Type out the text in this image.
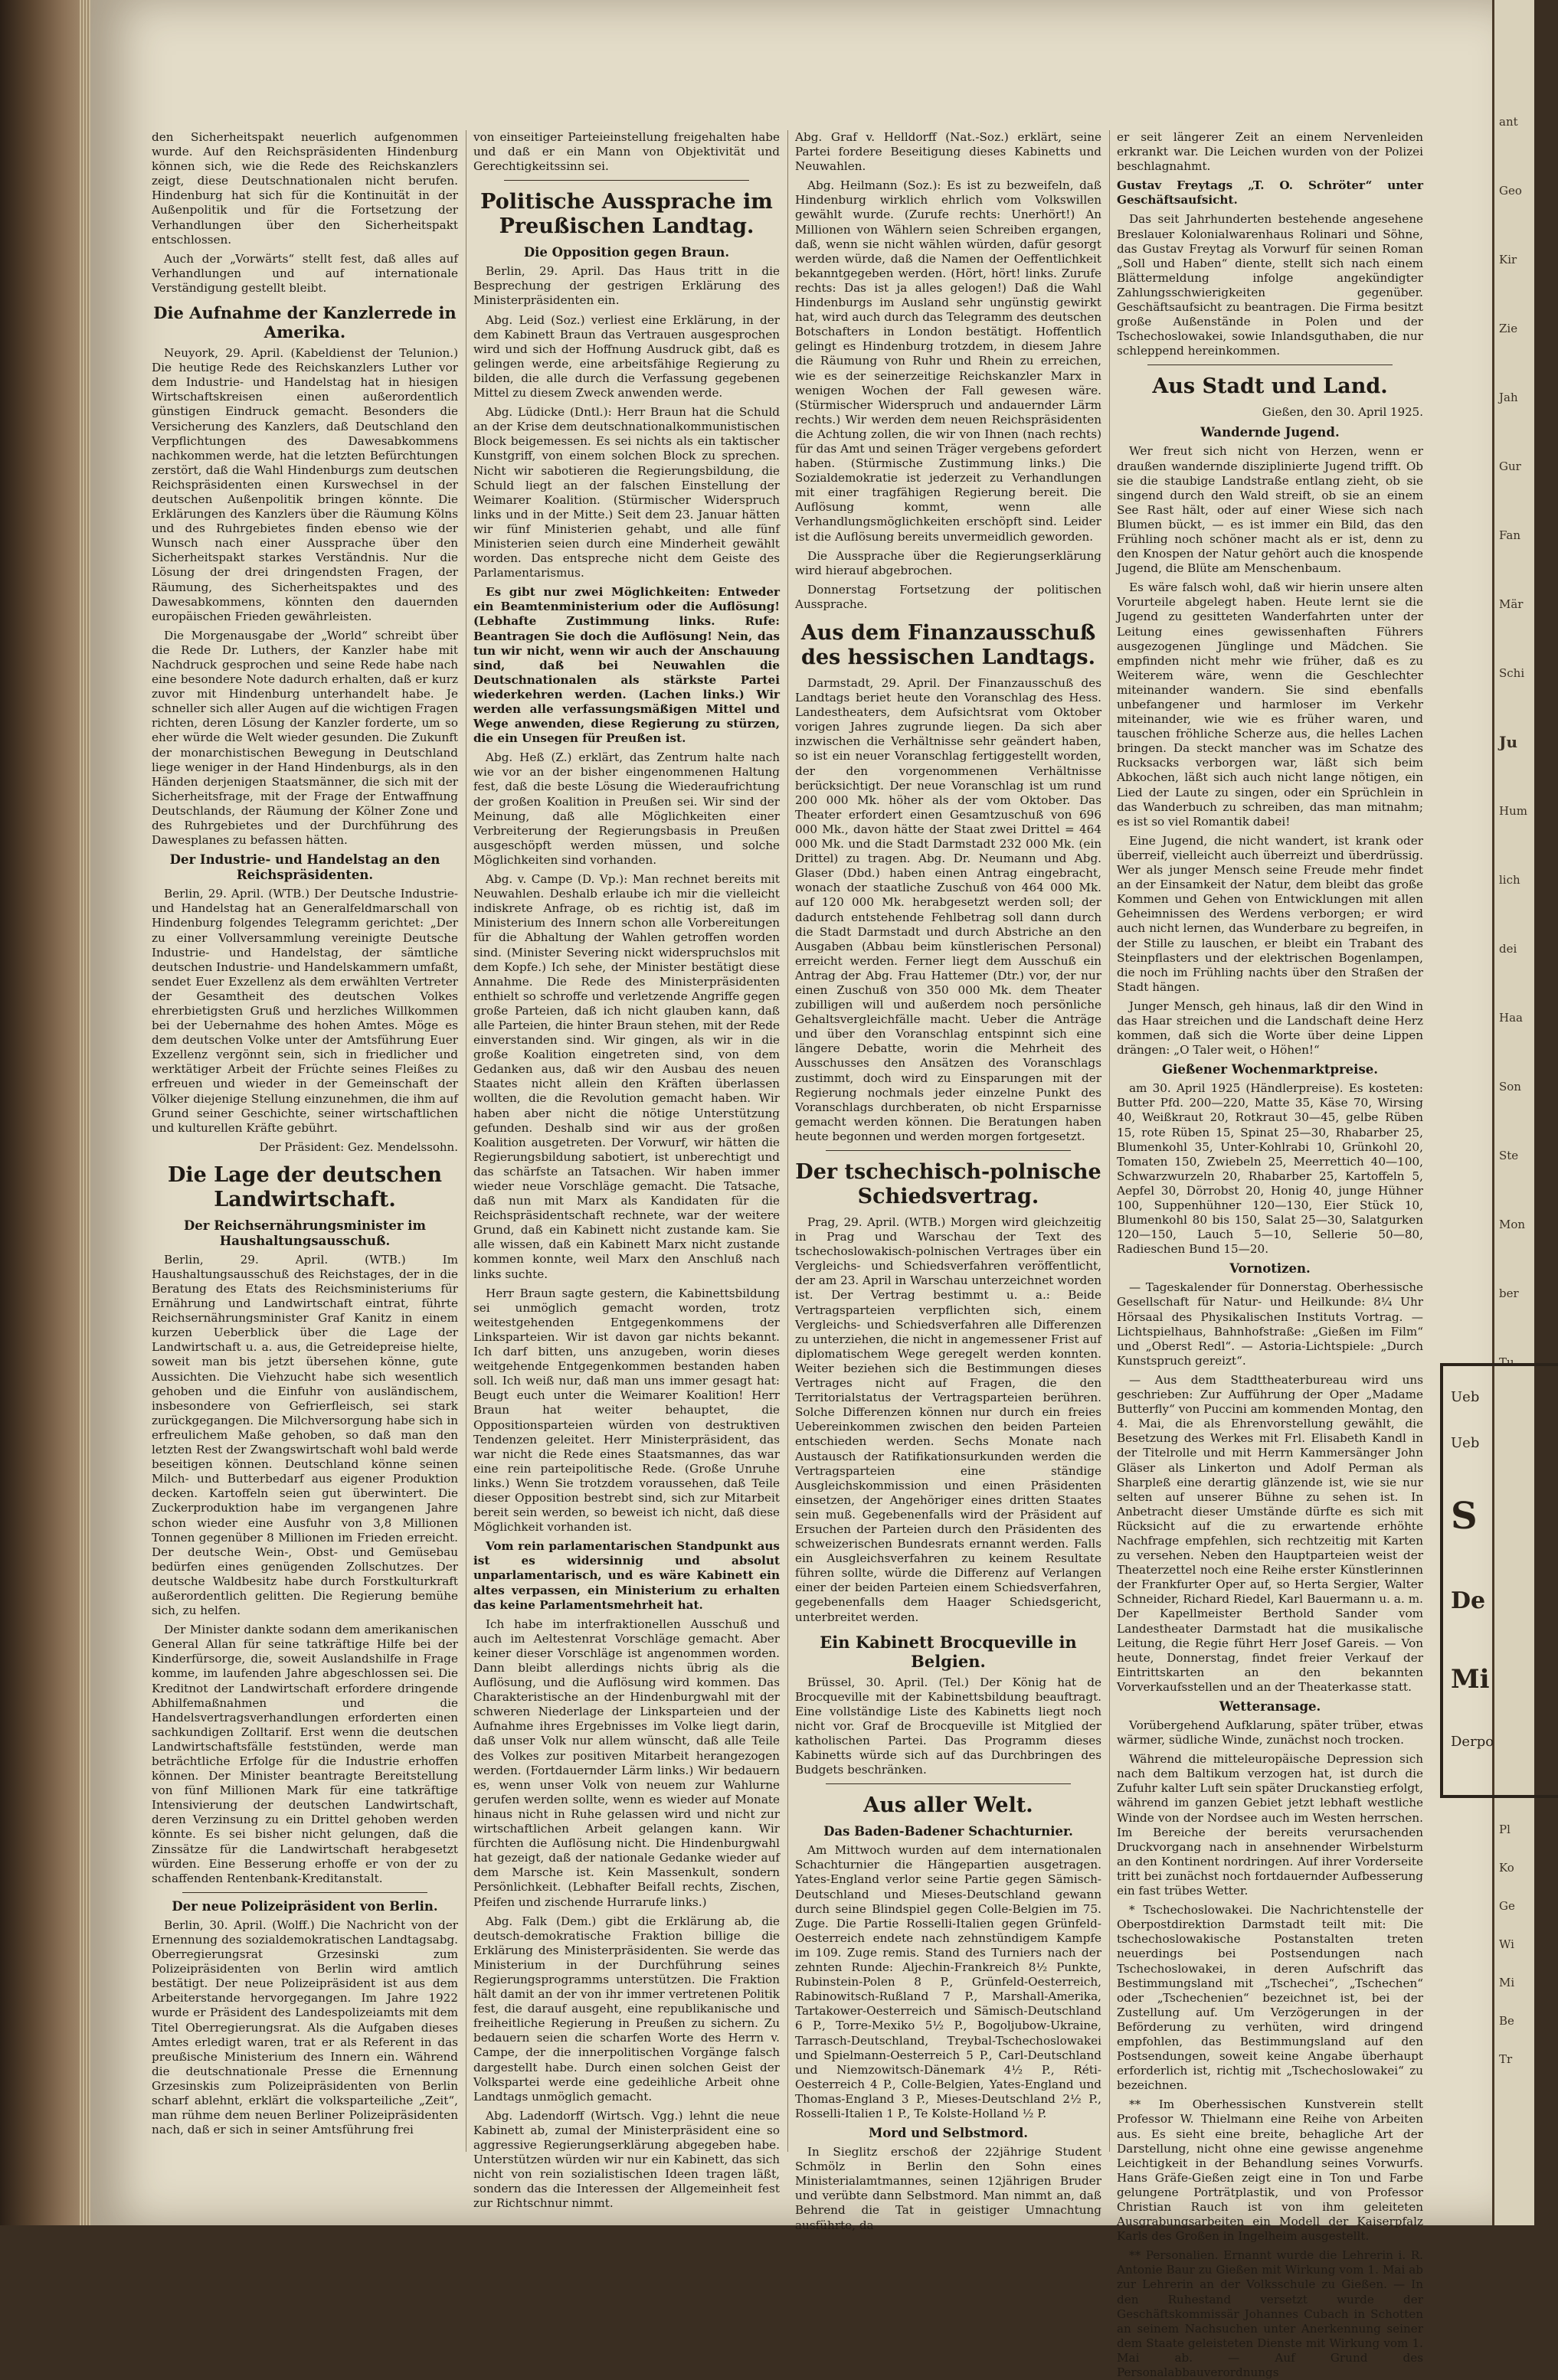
den Sicherheitspakt neuerlich aufgenommen wurde. Auf den Reichspräsidenten Hindenburg können sich, wie die Rede des Reichskanzlers zeigt, diese Deutschnationalen nicht berufen. Hindenburg hat sich für die Kontinuität in der Außenpolitik und für die Fortsetzung der Verhandlungen über den Sicherheitspakt entschlossen.

Auch der „Vorwärts“ stellt fest, daß alles auf Verhandlungen und auf internationale Verständigung gestellt bleibt.

Die Aufnahme der Kanzlerrede in Amerika.

Neuyork, 29. April. (Kabeldienst der Telunion.) Die heutige Rede des Reichskanzlers Luther vor dem Industrie- und Handelstag hat in hiesigen Wirtschaftskreisen einen außerordentlich günstigen Eindruck gemacht. Besonders die Versicherung des Kanzlers, daß Deutschland den Verpflichtungen des Dawesabkommens nachkommen werde, hat die letzten Befürchtungen zerstört, daß die Wahl Hindenburgs zum deutschen Reichspräsidenten einen Kurswechsel in der deutschen Außenpolitik bringen könnte. Die Erklärungen des Kanzlers über die Räumung Kölns und des Ruhrgebietes finden ebenso wie der Wunsch nach einer Aussprache über den Sicherheitspakt starkes Verständnis. Nur die Lösung der drei dringendsten Fragen, der Räumung, des Sicherheitspaktes und des Dawesabkommens, könnten den dauernden europäischen Frieden gewährleisten.

Die Morgenausgabe der „World“ schreibt über die Rede Dr. Luthers, der Kanzler habe mit Nachdruck gesprochen und seine Rede habe nach eine besondere Note dadurch erhalten, daß er kurz zuvor mit Hindenburg unterhandelt habe. Je schneller sich aller Augen auf die wichtigen Fragen richten, deren Lösung der Kanzler forderte, um so eher würde die Welt wieder gesunden. Die Zukunft der monarchistischen Bewegung in Deutschland liege weniger in der Hand Hindenburgs, als in den Händen derjenigen Staatsmänner, die sich mit der Sicherheitsfrage, mit der Frage der Entwaffnung Deutschlands, der Räumung der Kölner Zone und des Ruhrgebietes und der Durchführung des Dawesplanes zu befassen hätten.

Der Industrie- und Handelstag an den Reichspräsidenten.

Berlin, 29. April. (WTB.) Der Deutsche Industrie- und Handelstag hat an Generalfeldmarschall von Hindenburg folgendes Telegramm gerichtet: „Der zu einer Vollversammlung vereinigte Deutsche Industrie- und Handelstag, der sämtliche deutschen Industrie- und Handelskammern umfaßt, sendet Euer Exzellenz als dem erwählten Vertreter der Gesamtheit des deutschen Volkes ehrerbietigsten Gruß und herzliches Willkommen bei der Uebernahme des hohen Amtes. Möge es dem deutschen Volke unter der Amtsführung Euer Exzellenz vergönnt sein, sich in friedlicher und werktätiger Arbeit der Früchte seines Fleißes zu erfreuen und wieder in der Gemeinschaft der Völker diejenige Stellung einzunehmen, die ihm auf Grund seiner Geschichte, seiner wirtschaftlichen und kulturellen Kräfte gebührt.

Der Präsident: Gez. Mendelssohn.
Die Lage der deutschen Landwirtschaft.
Der Reichsernährungsminister im Haushaltungsausschuß.

Berlin, 29. April. (WTB.) Im Haushaltungsausschuß des Reichstages, der in die Beratung des Etats des Reichsministeriums für Ernährung und Landwirtschaft eintrat, führte Reichsernährungsminister Graf Kanitz in einem kurzen Ueberblick über die Lage der Landwirtschaft u. a. aus, die Getreidepreise hielte, soweit man bis jetzt übersehen könne, gute Aussichten. Die Viehzucht habe sich wesentlich gehoben und die Einfuhr von ausländischem, insbesondere von Gefrierfleisch, sei stark zurückgegangen. Die Milchversorgung habe sich in erfreulichem Maße gehoben, so daß man den letzten Rest der Zwangswirtschaft wohl bald werde beseitigen können. Deutschland könne seinen Milch- und Butterbedarf aus eigener Produktion decken. Kartoffeln seien gut überwintert. Die Zuckerproduktion habe im vergangenen Jahre schon wieder eine Ausfuhr von 3,8 Millionen Tonnen gegenüber 8 Millionen im Frieden erreicht. Der deutsche Wein-, Obst- und Gemüsebau bedürfen eines genügenden Zollschutzes. Der deutsche Waldbesitz habe durch Forstkulturkraft außerordentlich gelitten. Die Regierung bemühe sich, zu helfen.

Der Minister dankte sodann dem amerikanischen General Allan für seine tatkräftige Hilfe bei der Kinderfürsorge, die, soweit Auslandshilfe in Frage komme, im laufenden Jahre abgeschlossen sei. Die Kreditnot der Landwirtschaft erfordere dringende Abhilfemaßnahmen und die Handelsvertragsverhandlungen erforderten einen sachkundigen Zolltarif. Erst wenn die deutschen Landwirtschaftsfälle feststünden, werde man beträchtliche Erfolge für die Industrie erhoffen können. Der Minister beantragte Bereitstellung von fünf Millionen Mark für eine tatkräftige Intensivierung der deutschen Landwirtschaft, deren Verzinsung zu ein Drittel gehoben werden könnte. Es sei bisher nicht gelungen, daß die Zinssätze für die Landwirtschaft herabgesetzt würden. Eine Besserung erhoffe er von der zu schaffenden Rentenbank-Kreditanstalt.

Der neue Polizeipräsident von Berlin.

Berlin, 30. April. (Wolff.) Die Nachricht von der Ernennung des sozialdemokratischen Landtagsabg. Oberregierungsrat Grzesinski zum Polizeipräsidenten von Berlin wird amtlich bestätigt. Der neue Polizeipräsident ist aus dem Arbeiterstande hervorgegangen. Im Jahre 1922 wurde er Präsident des Landespolizeiamts mit dem Titel Oberregierungsrat. Als die Aufgaben dieses Amtes erledigt waren, trat er als Referent in das preußische Ministerium des Innern ein. Während die deutschnationale Presse die Ernennung Grzesinskis zum Polizeipräsidenten von Berlin scharf ablehnt, erklärt die volksparteiliche „Zeit“, man rühme dem neuen Berliner Polizeipräsidenten nach, daß er sich in seiner Amtsführung frei

von einseitiger Parteieinstellung freigehalten habe und daß er ein Mann von Objektivität und Gerechtigkeitssinn sei.

Politische Aussprache im Preußischen Landtag.
Die Opposition gegen Braun.

Berlin, 29. April. Das Haus tritt in die Besprechung der gestrigen Erklärung des Ministerpräsidenten ein.

Abg. Leid (Soz.) verliest eine Erklärung, in der dem Kabinett Braun das Vertrauen ausgesprochen wird und sich der Hoffnung Ausdruck gibt, daß es gelingen werde, eine arbeitsfähige Regierung zu bilden, die alle durch die Verfassung gegebenen Mittel zu diesem Zweck anwenden werde.

Abg. Lüdicke (Dntl.): Herr Braun hat die Schuld an der Krise dem deutschnationalkommunistischen Block beigemessen. Es sei nichts als ein taktischer Kunstgriff, von einem solchen Block zu sprechen. Nicht wir sabotieren die Regierungsbildung, die Schuld liegt an der falschen Einstellung der Weimarer Koalition. (Stürmischer Widerspruch links und in der Mitte.) Seit dem 23. Januar hätten wir fünf Ministerien gehabt, und alle fünf Ministerien seien durch eine Minderheit gewählt worden. Das entspreche nicht dem Geiste des Parlamentarismus.

Es gibt nur zwei Möglichkeiten: Entweder ein Beamtenministerium oder die Auflösung! (Lebhafte Zustimmung links. Rufe: Beantragen Sie doch die Auflösung! Nein, das tun wir nicht, wenn wir auch der Anschauung sind, daß bei Neuwahlen die Deutschnationalen als stärkste Partei wiederkehren werden. (Lachen links.) Wir werden alle verfassungsmäßigen Mittel und Wege anwenden, diese Regierung zu stürzen, die ein Unsegen für Preußen ist.

Abg. Heß (Z.) erklärt, das Zentrum halte nach wie vor an der bisher eingenommenen Haltung fest, daß die beste Lösung die Wiederaufrichtung der großen Koalition in Preußen sei. Wir sind der Meinung, daß alle Möglichkeiten einer Verbreiterung der Regierungsbasis in Preußen ausgeschöpft werden müssen, und solche Möglichkeiten sind vorhanden.

Abg. v. Campe (D. Vp.): Man rechnet bereits mit Neuwahlen. Deshalb erlaube ich mir die vielleicht indiskrete Anfrage, ob es richtig ist, daß im Ministerium des Innern schon alle Vorbereitungen für die Abhaltung der Wahlen getroffen worden sind. (Minister Severing nickt widerspruchslos mit dem Kopfe.) Ich sehe, der Minister bestätigt diese Annahme. Die Rede des Ministerpräsidenten enthielt so schroffe und verletzende Angriffe gegen große Parteien, daß ich nicht glauben kann, daß alle Parteien, die hinter Braun stehen, mit der Rede einverstanden sind. Wir gingen, als wir in die große Koalition eingetreten sind, von dem Gedanken aus, daß wir den Ausbau des neuen Staates nicht allein den Kräften überlassen wollten, die die Revolution gemacht haben. Wir haben aber nicht die nötige Unterstützung gefunden. Deshalb sind wir aus der großen Koalition ausgetreten. Der Vorwurf, wir hätten die Regierungsbildung sabotiert, ist unberechtigt und das schärfste an Tatsachen. Wir haben immer wieder neue Vorschläge gemacht. Die Tatsache, daß nun mit Marx als Kandidaten für die Reichspräsidentschaft rechnete, war der weitere Grund, daß ein Kabinett nicht zustande kam. Sie alle wissen, daß ein Kabinett Marx nicht zustande kommen konnte, weil Marx den Anschluß nach links suchte.

Herr Braun sagte gestern, die Kabinettsbildung sei unmöglich gemacht worden, trotz weitestgehenden Entgegenkommens der Linksparteien. Wir ist davon gar nichts bekannt. Ich darf bitten, uns anzugeben, worin dieses weitgehende Entgegenkommen bestanden haben soll. Ich weiß nur, daß man uns immer gesagt hat: Beugt euch unter die Weimarer Koalition! Herr Braun hat weiter behauptet, die Oppositionsparteien würden von destruktiven Tendenzen geleitet. Herr Ministerpräsident, das war nicht die Rede eines Staatsmannes, das war eine rein parteipolitische Rede. (Große Unruhe links.) Wenn Sie trotzdem voraussehen, daß Teile dieser Opposition bestrebt sind, sich zur Mitarbeit bereit sein werden, so beweist ich nicht, daß diese Möglichkeit vorhanden ist.

Vom rein parlamentarischen Standpunkt aus ist es widersinnig und absolut unparlamentarisch, und es wäre Kabinett ein altes verpassen, ein Ministerium zu erhalten das keine Parlamentsmehrheit hat.

Ich habe im interfraktionellen Ausschuß und auch im Aeltestenrat Vorschläge gemacht. Aber keiner dieser Vorschläge ist angenommen worden. Dann bleibt allerdings nichts übrig als die Auflösung, und die Auflösung wird kommen. Das Charakteristische an der Hindenburgwahl mit der schweren Niederlage der Linksparteien und der Aufnahme ihres Ergebnisses im Volke liegt darin, daß unser Volk nur allem wünscht, daß alle Teile des Volkes zur positiven Mitarbeit herangezogen werden. (Fortdauernder Lärm links.) Wir bedauern es, wenn unser Volk von neuem zur Wahlurne gerufen werden sollte, wenn es wieder auf Monate hinaus nicht in Ruhe gelassen wird und nicht zur wirtschaftlichen Arbeit gelangen kann. Wir fürchten die Auflösung nicht. Die Hindenburgwahl hat gezeigt, daß der nationale Gedanke wieder auf dem Marsche ist. Kein Massenkult, sondern Persönlichkeit. (Lebhafter Beifall rechts, Zischen, Pfeifen und zischende Hurrarufe links.)

Abg. Falk (Dem.) gibt die Erklärung ab, die deutsch-demokratische Fraktion billige die Erklärung des Ministerpräsidenten. Sie werde das Ministerium in der Durchführung seines Regierungsprogramms unterstützen. Die Fraktion hält damit an der von ihr immer vertretenen Politik fest, die darauf ausgeht, eine republikanische und freiheitliche Regierung in Preußen zu sichern. Zu bedauern seien die scharfen Worte des Herrn v. Campe, der die innerpolitischen Vorgänge falsch dargestellt habe. Durch einen solchen Geist der Volkspartei werde eine gedeihliche Arbeit ohne Landtags unmöglich gemacht.

Abg. Ladendorff (Wirtsch. Vgg.) lehnt die neue Kabinett ab, zumal der Ministerpräsident eine so aggressive Regierungserklärung abgegeben habe. Unterstützen würden wir nur ein Kabinett, das sich nicht von rein sozialistischen Ideen tragen läßt, sondern das die Interessen der Allgemeinheit fest zur Richtschnur nimmt.

Abg. Graf v. Helldorff (Nat.-Soz.) erklärt, seine Partei fordere Beseitigung dieses Kabinetts und Neuwahlen.

Abg. Heilmann (Soz.): Es ist zu bezweifeln, daß Hindenburg wirklich ehrlich vom Volkswillen gewählt wurde. (Zurufe rechts: Unerhört!) An Millionen von Wählern seien Schreiben ergangen, daß, wenn sie nicht wählen würden, dafür gesorgt werden würde, daß die Namen der Oeffentlichkeit bekanntgegeben werden. (Hört, hört! links. Zurufe rechts: Das ist ja alles gelogen!) Daß die Wahl Hindenburgs im Ausland sehr ungünstig gewirkt hat, wird auch durch das Telegramm des deutschen Botschafters in London bestätigt. Hoffentlich gelingt es Hindenburg trotzdem, in diesem Jahre die Räumung von Ruhr und Rhein zu erreichen, wie es der seinerzeitige Reichskanzler Marx in wenigen Wochen der Fall gewesen wäre. (Stürmischer Widerspruch und andauernder Lärm rechts.) Wir werden dem neuen Reichspräsidenten die Achtung zollen, die wir von Ihnen (nach rechts) für das Amt und seinen Träger vergebens gefordert haben. (Stürmische Zustimmung links.) Die Sozialdemokratie ist jederzeit zu Verhandlungen mit einer tragfähigen Regierung bereit. Die Auflösung kommt, wenn alle Verhandlungsmöglichkeiten erschöpft sind. Leider ist die Auflösung bereits unvermeidlich geworden.

Die Aussprache über die Regierungserklärung wird hierauf abgebrochen.

Donnerstag Fortsetzung der politischen Aussprache.

Aus dem Finanzausschuß des hessischen Landtags.

Darmstadt, 29. April. Der Finanzausschuß des Landtags beriet heute den Voranschlag des Hess. Landestheaters, dem Aufsichtsrat vom Oktober vorigen Jahres zugrunde liegen. Da sich aber inzwischen die Verhältnisse sehr geändert haben, so ist ein neuer Voranschlag fertiggestellt worden, der den vorgenommenen Verhältnisse berücksichtigt. Der neue Voranschlag ist um rund 200 000 Mk. höher als der vom Oktober. Das Theater erfordert einen Gesamtzuschuß von 696 000 Mk., davon hätte der Staat zwei Drittel = 464 000 Mk. und die Stadt Darmstadt 232 000 Mk. (ein Drittel) zu tragen. Abg. Dr. Neumann und Abg. Glaser (Dbd.) haben einen Antrag eingebracht, wonach der staatliche Zuschuß von 464 000 Mk. auf 120 000 Mk. herabgesetzt werden soll; der dadurch entstehende Fehlbetrag soll dann durch die Stadt Darmstadt und durch Abstriche an den Ausgaben (Abbau beim künstlerischen Personal) erreicht werden. Ferner liegt dem Ausschuß ein Antrag der Abg. Frau Hattemer (Dtr.) vor, der nur einen Zuschuß von 350 000 Mk. dem Theater zubilligen will und außerdem noch persönliche Gehaltsvergleichfälle macht. Ueber die Anträge und über den Voranschlag entspinnt sich eine längere Debatte, worin die Mehrheit des Ausschusses den Ansätzen des Voranschlags zustimmt, doch wird zu Einsparungen mit der Regierung nochmals jeder einzelne Punkt des Voranschlags durchberaten, ob nicht Ersparnisse gemacht werden können. Die Beratungen haben heute begonnen und werden morgen fortgesetzt.

Der tschechisch-polnische Schiedsvertrag.

Prag, 29. April. (WTB.) Morgen wird gleichzeitig in Prag und Warschau der Text des tschechoslowakisch-polnischen Vertrages über ein Vergleichs- und Schiedsverfahren veröffentlicht, der am 23. April in Warschau unterzeichnet worden ist. Der Vertrag bestimmt u. a.: Beide Vertragsparteien verpflichten sich, einem Vergleichs- und Schiedsverfahren alle Differenzen zu unterziehen, die nicht in angemessener Frist auf diplomatischem Wege geregelt werden konnten. Weiter beziehen sich die Bestimmungen dieses Vertrages nicht auf Fragen, die den Territorialstatus der Vertragsparteien berühren. Solche Differenzen können nur durch ein freies Uebereinkommen zwischen den beiden Parteien entschieden werden. Sechs Monate nach Austausch der Ratifikationsurkunden werden die Vertragsparteien eine ständige Ausgleichskommission und einen Präsidenten einsetzen, der Angehöriger eines dritten Staates sein muß. Gegebenenfalls wird der Präsident auf Ersuchen der Parteien durch den Präsidenten des schweizerischen Bundesrats ernannt werden. Falls ein Ausgleichsverfahren zu keinem Resultate führen sollte, würde die Differenz auf Verlangen einer der beiden Parteien einem Schiedsverfahren, gegebenenfalls dem Haager Schiedsgericht, unterbreitet werden.

Ein Kabinett Brocqueville in Belgien.

Brüssel, 30. April. (Tel.) Der König hat de Brocqueville mit der Kabinettsbildung beauftragt. Eine vollständige Liste des Kabinetts liegt noch nicht vor. Graf de Brocqueville ist Mitglied der katholischen Partei. Das Programm dieses Kabinetts würde sich auf das Durchbringen des Budgets beschränken.

Aus aller Welt.
Das Baden-Badener Schachturnier.

Am Mittwoch wurden auf dem internationalen Schachturnier die Hängepartien ausgetragen. Yates-England verlor seine Partie gegen Sämisch-Deutschland und Mieses-Deutschland gewann durch seine Blindspiel gegen Colle-Belgien im 75. Zuge. Die Partie Rosselli-Italien gegen Grünfeld-Oesterreich endete nach zehnstündigem Kampfe im 109. Zuge remis. Stand des Turniers nach der zehnten Runde: Aljechin-Frankreich 8½ Punkte, Rubinstein-Polen 8 P., Grünfeld-Oesterreich, Rabinowitsch-Rußland 7 P., Marshall-Amerika, Tartakower-Oesterreich und Sämisch-Deutschland 6 P., Torre-Mexiko 5½ P., Bogoljubow-Ukraine, Tarrasch-Deutschland, Treybal-Tschechoslowakei und Spielmann-Oesterreich 5 P., Carl-Deutschland und Niemzowitsch-Dänemark 4½ P., Réti-Oesterreich 4 P., Colle-Belgien, Yates-England und Thomas-England 3 P., Mieses-Deutschland 2½ P., Rosselli-Italien 1 P., Te Kolste-Holland ½ P.

Mord und Selbstmord.

In Sieglitz erschoß der 22jährige Student Schmölz in Berlin den Sohn eines Ministerialamtmannes, seinen 12jährigen Bruder und verübte dann Selbstmord. Man nimmt an, daß Behrend die Tat in geistiger Umnachtung ausführte, da

er seit längerer Zeit an einem Nervenleiden erkrankt war. Die Leichen wurden von der Polizei beschlagnahmt.

Gustav Freytags „T. O. Schröter“ unter Geschäftsaufsicht.

Das seit Jahrhunderten bestehende angesehene Breslauer Kolonialwarenhaus Rolinari und Söhne, das Gustav Freytag als Vorwurf für seinen Roman „Soll und Haben“ diente, stellt sich nach einem Blättermeldung infolge angekündigter Zahlungsschwierigkeiten gegenüber. Geschäftsaufsicht zu beantragen. Die Firma besitzt große Außenstände in Polen und der Tschechoslowakei, sowie Inlandsguthaben, die nur schleppend hereinkommen.

Aus Stadt und Land.
Gießen, den 30. April 1925.
Wandernde Jugend.

Wer freut sich nicht von Herzen, wenn er draußen wandernde disziplinierte Jugend trifft. Ob sie die staubige Landstraße entlang zieht, ob sie singend durch den Wald streift, ob sie an einem See Rast hält, oder auf einer Wiese sich nach Blumen bückt, — es ist immer ein Bild, das den Frühling noch schöner macht als er ist, denn zu den Knospen der Natur gehört auch die knospende Jugend, die Blüte am Menschenbaum.

Es wäre falsch wohl, daß wir hierin unsere alten Vorurteile abgelegt haben. Heute lernt sie die Jugend zu gesitteten Wanderfahrten unter der Leitung eines gewissenhaften Führers ausgezogenen Jünglinge und Mädchen. Sie empfinden nicht mehr wie früher, daß es zu Weiterem wäre, wenn die Geschlechter miteinander wandern. Sie sind ebenfalls unbefangener und harmloser im Verkehr miteinander, wie wie es früher waren, und tauschen fröhliche Scherze aus, die helles Lachen bringen. Da steckt mancher was im Schatze des Rucksacks verborgen war, läßt sich beim Abkochen, läßt sich auch nicht lange nötigen, ein Lied der Laute zu singen, oder ein Sprüchlein in das Wanderbuch zu schreiben, das man mitnahm; es ist so viel Romantik dabei!

Eine Jugend, die nicht wandert, ist krank oder überreif, vielleicht auch überreizt und überdrüssig. Wer als junger Mensch seine Freude mehr findet an der Einsamkeit der Natur, dem bleibt das große Kommen und Gehen von Entwicklungen mit allen Geheimnissen des Werdens verborgen; er wird auch nicht lernen, das Wunderbare zu begreifen, in der Stille zu lauschen, er bleibt ein Trabant des Steinpflasters und der elektrischen Bogenlampen, die noch im Frühling nachts über den Straßen der Stadt hängen.

Junger Mensch, geh hinaus, laß dir den Wind in das Haar streichen und die Landschaft deine Herz kommen, daß sich die Worte über deine Lippen drängen: „O Taler weit, o Höhen!“

Gießener Wochenmarktpreise.

am 30. April 1925 (Händlerpreise). Es kosteten: Butter Pfd. 200—220, Matte 35, Käse 70, Wirsing 40, Weißkraut 20, Rotkraut 30—45, gelbe Rüben 15, rote Rüben 15, Spinat 25—30, Rhabarber 25, Blumenkohl 35, Unter-Kohlrabi 10, Grünkohl 20, Tomaten 150, Zwiebeln 25, Meerrettich 40—100, Schwarzwurzeln 20, Rhabarber 25, Kartoffeln 5, Aepfel 30, Dörrobst 20, Honig 40, junge Hühner 100, Suppenhühner 120—130, Eier Stück 10, Blumenkohl 80 bis 150, Salat 25—30, Salatgurken 120—150, Lauch 5—10, Sellerie 50—80, Radieschen Bund 15—20.

Vornotizen.

— Tageskalender für Donnerstag. Oberhessische Gesellschaft für Natur- und Heilkunde: 8¼ Uhr Hörsaal des Physikalischen Instituts Vortrag. — Lichtspielhaus, Bahnhofstraße: „Gießen im Film“ und „Oberst Redl“. — Astoria-Lichtspiele: „Durch Kunstspruch gereizt“.

— Aus dem Stadttheaterbureau wird uns geschrieben: Zur Aufführung der Oper „Madame Butterfly“ von Puccini am kommenden Montag, den 4. Mai, die als Ehrenvorstellung gewählt, die Besetzung des Werkes mit Frl. Elisabeth Kandl in der Titelrolle und mit Herrn Kammersänger John Gläser als Linkerton und Adolf Perman als Sharpleß eine derartig glänzende ist, wie sie nur selten auf unserer Bühne zu sehen ist. In Anbetracht dieser Umstände dürfte es sich mit Rücksicht auf die zu erwartende erhöhte Nachfrage empfehlen, sich rechtzeitig mit Karten zu versehen. Neben den Hauptparteien weist der Theaterzettel noch eine Reihe erster Künstlerinnen der Frankfurter Oper auf, so Herta Sergier, Walter Schneider, Richard Riedel, Karl Bauermann u. a. m. Der Kapellmeister Berthold Sander vom Landestheater Darmstadt hat die musikalische Leitung, die Regie führt Herr Josef Gareis. — Von heute, Donnerstag, findet freier Verkauf der Eintrittskarten an den bekannten Vorverkaufsstellen und an der Theaterkasse statt.

Wetteransage.

Vorübergehend Aufklarung, später trüber, etwas wärmer, südliche Winde, zunächst noch trocken.

Während die mitteleuropäische Depression sich nach dem Baltikum verzogen hat, ist durch die Zufuhr kalter Luft sein später Druckanstieg erfolgt, während im ganzen Gebiet jetzt lebhaft westliche Winde von der Nordsee auch im Westen herrschen. Im Bereiche der bereits verursachenden Druckvorgang nach in ansehnender Wirbelsturm an den Kontinent nordringen. Auf ihrer Vorderseite tritt bei zunächst noch fortdauernder Aufbesserung ein fast trübes Wetter.

* Tschechoslowakei. Die Nachrichtenstelle der Oberpostdirektion Darmstadt teilt mit: Die tschechoslowakische Postanstalten treten neuerdings bei Postsendungen nach Tschechoslowakei, in deren Aufschrift das Bestimmungsland mit „Tschechei“, „Tschechen“ oder „Tschechenien“ bezeichnet ist, bei der Zustellung auf. Um Verzögerungen in der Beförderung zu verhüten, wird dringend empfohlen, das Bestimmungsland auf den Postsendungen, soweit keine Angabe überhaupt erforderlich ist, richtig mit „Tschechoslowakei“ zu bezeichnen.

** Im Oberhessischen Kunstverein stellt Professor W. Thielmann eine Reihe von Arbeiten aus. Es sieht eine breite, behagliche Art der Darstellung, nicht ohne eine gewisse angenehme Leichtigkeit in der Behandlung seines Vorwurfs. Hans Gräfe-Gießen zeigt eine in Ton und Farbe gelungene Porträtplastik, und von Professor Christian Rauch ist von ihm geleiteten Ausgrabungsarbeiten ein Modell der Kaiserpfalz Karls des Großen in Ingelheim ausgestellt.

** Personalien. Ernannt wurde die Lehrerin i. R. Antonie Baur zu Gießen mit Wirkung vom 1. Mai ab zur Lehrerin an der Volksschule zu Gießen. — In den Ruhestand versetzt wurde der Geschäftskommissär Johannes Cubach in Schotten an seinem Nachsuchen unter Anerkennung seiner dem Staate geleisteten Dienste mit Wirkung vom 1. Mai ab. — Auf Grund des Personalabbauverordnungs

ant
Geo
Kir
Zie
Jah
Gur
Fan
Mär
Schi
Ju
Hum
lich
dei
Haa
Son
Ste
Mon
ber
Tu
Pl
Ko
Ge
Wi
Mi
Be
Tr
Ueb
Ueb
S
De
Mi
Derpo
